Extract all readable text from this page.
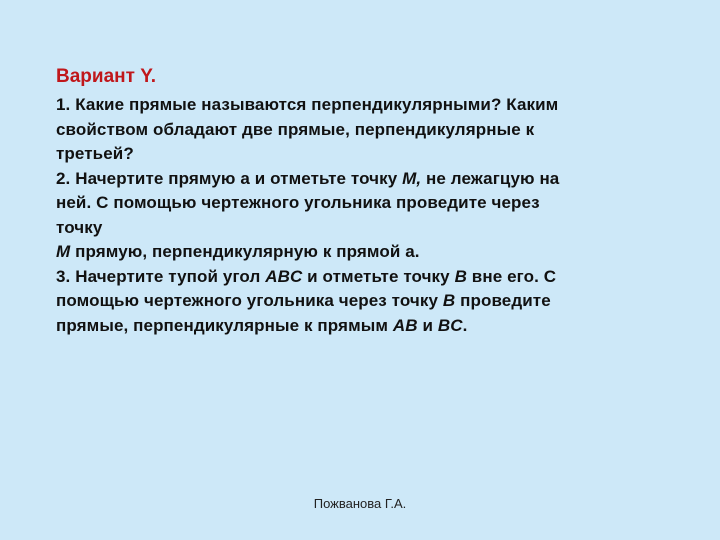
Вариант Y.

1. Какие прямые называются перпендикулярными? Каким

свойством обладают две прямые, перпендикулярные к

третьей?

2. Начертите прямую а и отметьте точку M, не лежагцую на

ней. С помощью чертежного угольника проведите через

точку

M прямую, перпендикулярную к прямой а.

3. Начертите тупой угол ABC и отметьте точку B вне его. С

помощью чертежного угольника через точку B проведите

прямые, перпендикулярные к прямым AB и BC.

Пожванова Г.А.
